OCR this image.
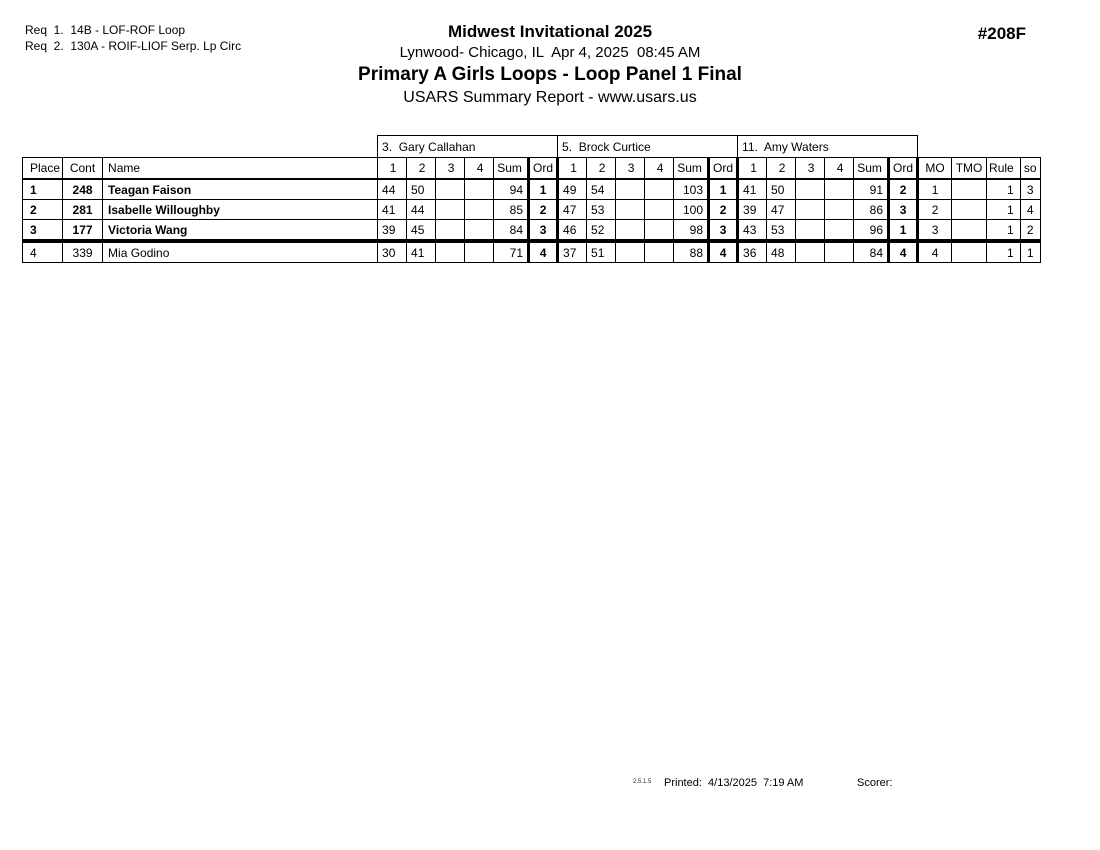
Req  1.  14B - LOF-ROF Loop
Req  2.  130A - ROIF-LIOF Serp. Lp Circ
Midwest Invitational 2025
Lynwood- Chicago, IL  Apr 4, 2025  08:45 AM
Primary A Girls Loops - Loop Panel 1 Final
USARS Summary Report - www.usars.us
#208F
			3.  Gary Callahan						5.  Brock Curtice						11.  Amy Waters									
Place	Cont	Name	1	2	3	4	Sum	Ord	1	2	3	4	Sum	Ord	1	2	3	4	Sum	Ord	MO	TMO	Rule	so
1	248	Teagan Faison	44	50			94	1	49	54			103	1	41	50			91	2	1		1	3
2	281	Isabelle Willoughby	41	44			85	2	47	53			100	2	39	47			86	3	2		1	4
3	177	Victoria Wang	39	45			84	3	46	52			98	3	43	53			96	1	3		1	2
4	339	Mia Godino	30	41			71	4	37	51			88	4	36	48			84	4	4		1	1
2.5.1.5 Printed:  4/13/2025  7:19 AM	Scorer:
